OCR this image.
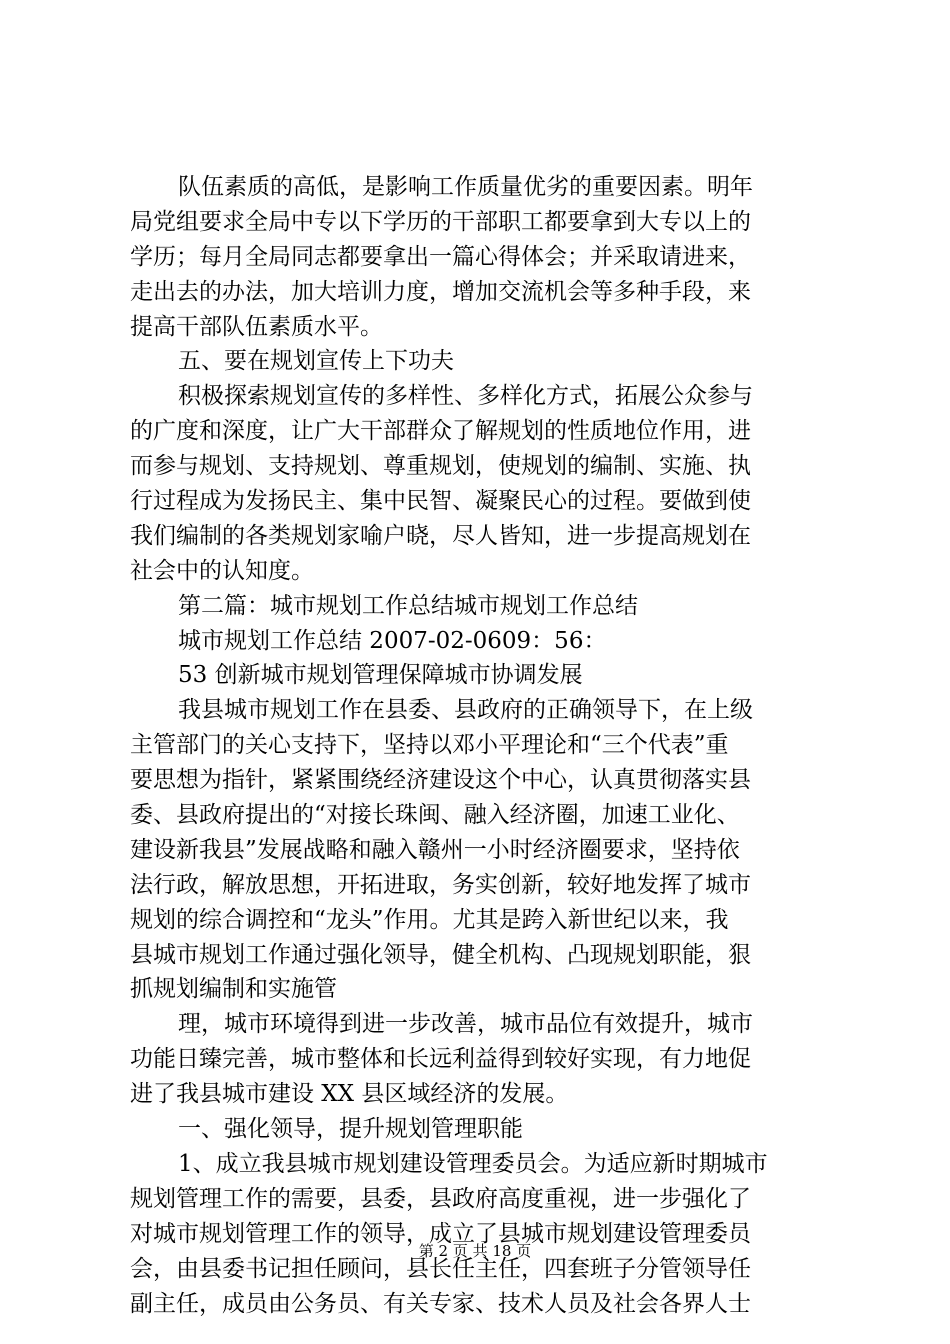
队伍素质的高低，是影响工作质量优劣的重要因素。明年
局党组要求全局中专以下学历的干部职工都要拿到大专以上的
学历；每月全局同志都要拿出一篇心得体会；并采取请进来，
走出去的办法，加大培训力度，增加交流机会等多种手段，来
提高干部队伍素质水平。
五、要在规划宣传上下功夫
积极探索规划宣传的多样性、多样化方式，拓展公众参与
的广度和深度，让广大干部群众了解规划的性质地位作用，进
而参与规划、支持规划、尊重规划，使规划的编制、实施、执
行过程成为发扬民主、集中民智、凝聚民心的过程。要做到使
我们编制的各类规划家喻户晓，尽人皆知，进一步提高规划在
社会中的认知度。
第二篇：城市规划工作总结城市规划工作总结
城市规划工作总结 2007-02-0609：56：
53 创新城市规划管理保障城市协调发展
我县城市规划工作在县委、县政府的正确领导下，在上级
主管部门的关心支持下，坚持以邓小平理论和“三个代表”重
要思想为指针，紧紧围绕经济建设这个中心，认真贯彻落实县
委、县政府提出的“对接长珠闽、融入经济圈，加速工业化、
建设新我县”发展战略和融入赣州一小时经济圈要求，坚持依
法行政，解放思想，开拓进取，务实创新，较好地发挥了城市
规划的综合调控和“龙头”作用。尤其是跨入新世纪以来，我
县城市规划工作通过强化领导，健全机构、凸现规划职能，狠
抓规划编制和实施管
理，城市环境得到进一步改善，城市品位有效提升，城市
功能日臻完善，城市整体和长远利益得到较好实现，有力地促
进了我县城市建设 XX 县区域经济的发展。
一、强化领导，提升规划管理职能
1、成立我县城市规划建设管理委员会。为适应新时期城市
规划管理工作的需要，县委，县政府高度重视，进一步强化了
对城市规划管理工作的领导，成立了县城市规划建设管理委员
会，由县委书记担任顾问，县长任主任，四套班子分管领导任
副主任，成员由公务员、有关专家、技术人员及社会各界人士
第 2 页 共 18 页
